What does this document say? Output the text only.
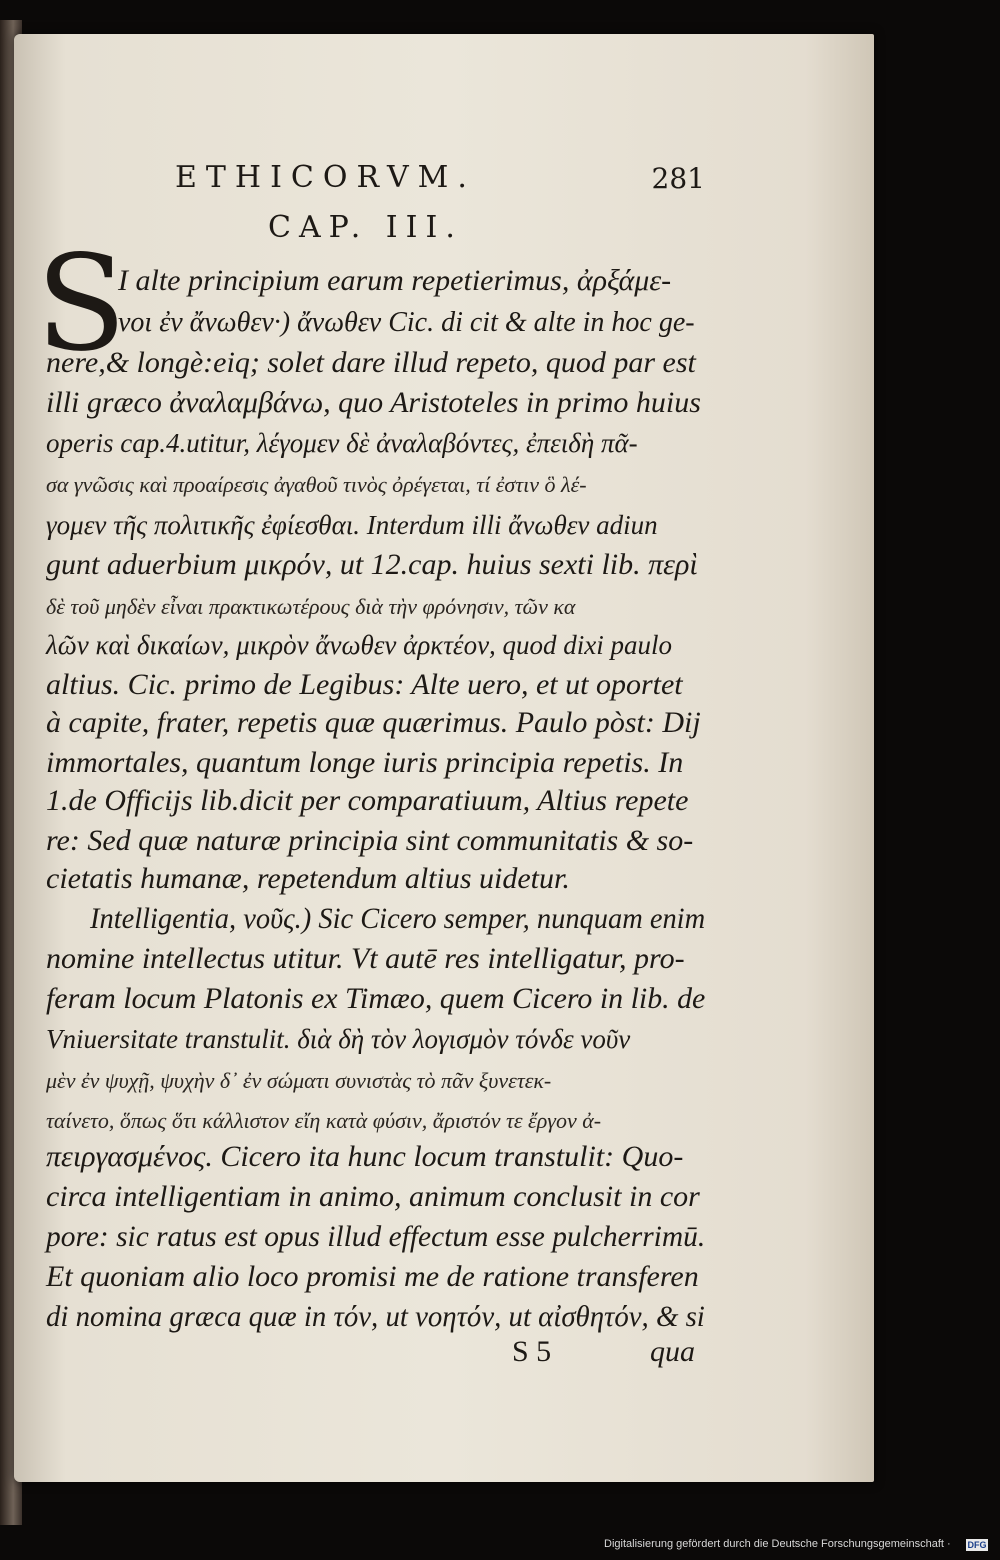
ETHICORVM.	281
CAP. III.
S
I alte principium earum repetierimus, ἀρξάμε-
νοι ἐν ἄνωθεν·) ἄνωθεν Cic. di cit & alte in hoc ge-
nere,& longè:eiq; solet dare illud repeto, quod par est
illi græco ἀναλαμβάνω, quo Aristoteles in primo huius
operis cap.4.utitur, λέγομεν δὲ ἀναλαβόντες, ἐπειδὴ πᾶ-
σα γνῶσις καὶ προαίρεσις ἀγαθοῦ τινὸς ὀρέγεται, τί ἐστιν ὃ λέ-
γομεν τῆς πολιτικῆς ἐφίεσθαι. Interdum illi ἄνωθεν adiun
gunt aduerbium μικρόν, ut 12.cap. huius sexti lib. περὶ
δὲ τοῦ μηδὲν εἶναι πρακτικωτέρους διὰ τὴν φρόνησιν, τῶν κα
λῶν καὶ δικαίων, μικρὸν ἄνωθεν ἀρκτέον, quod dixi paulo
altius. Cic. primo de Legibus: Alte uero, et ut oportet
à capite, frater, repetis quæ quærimus. Paulo pòst: Dij
immortales, quantum longe iuris principia repetis. In
1.de Officijs lib.dicit per comparatiuum, Altius repete
re: Sed quæ naturæ principia sint communitatis & so-
cietatis humanæ, repetendum altius uidetur.
Intelligentia, νοῦς.) Sic Cicero semper, nunquam enim
nomine intellectus utitur. Vt autē res intelligatur, pro-
feram locum Platonis ex Timæo, quem Cicero in lib. de
Vniuersitate transtulit. διὰ δὴ τὸν λογισμὸν τόνδε νοῦν
μὲν ἐν ψυχῇ, ψυχὴν δ᾽ ἐν σώματι συνιστὰς τὸ πᾶν ξυνετεκ-
ταίνετο, ὅπως ὅτι κάλλιστον εἴη κατὰ φύσιν, ἄριστόν τε ἔργον ἀ-
πειργασμένος. Cicero ita hunc locum transtulit: Quo-
circa intelligentiam in animo, animum conclusit in cor
pore: sic ratus est opus illud effectum esse pulcherrimū.
Et quoniam alio loco promisi me de ratione transferen
di nomina græca quæ in τόν, ut νοητόν, ut αἰσθητόν, & si
S 5	qua
Digitalisierung gefördert durch die Deutsche Forschungsgemeinschaft · DFG
